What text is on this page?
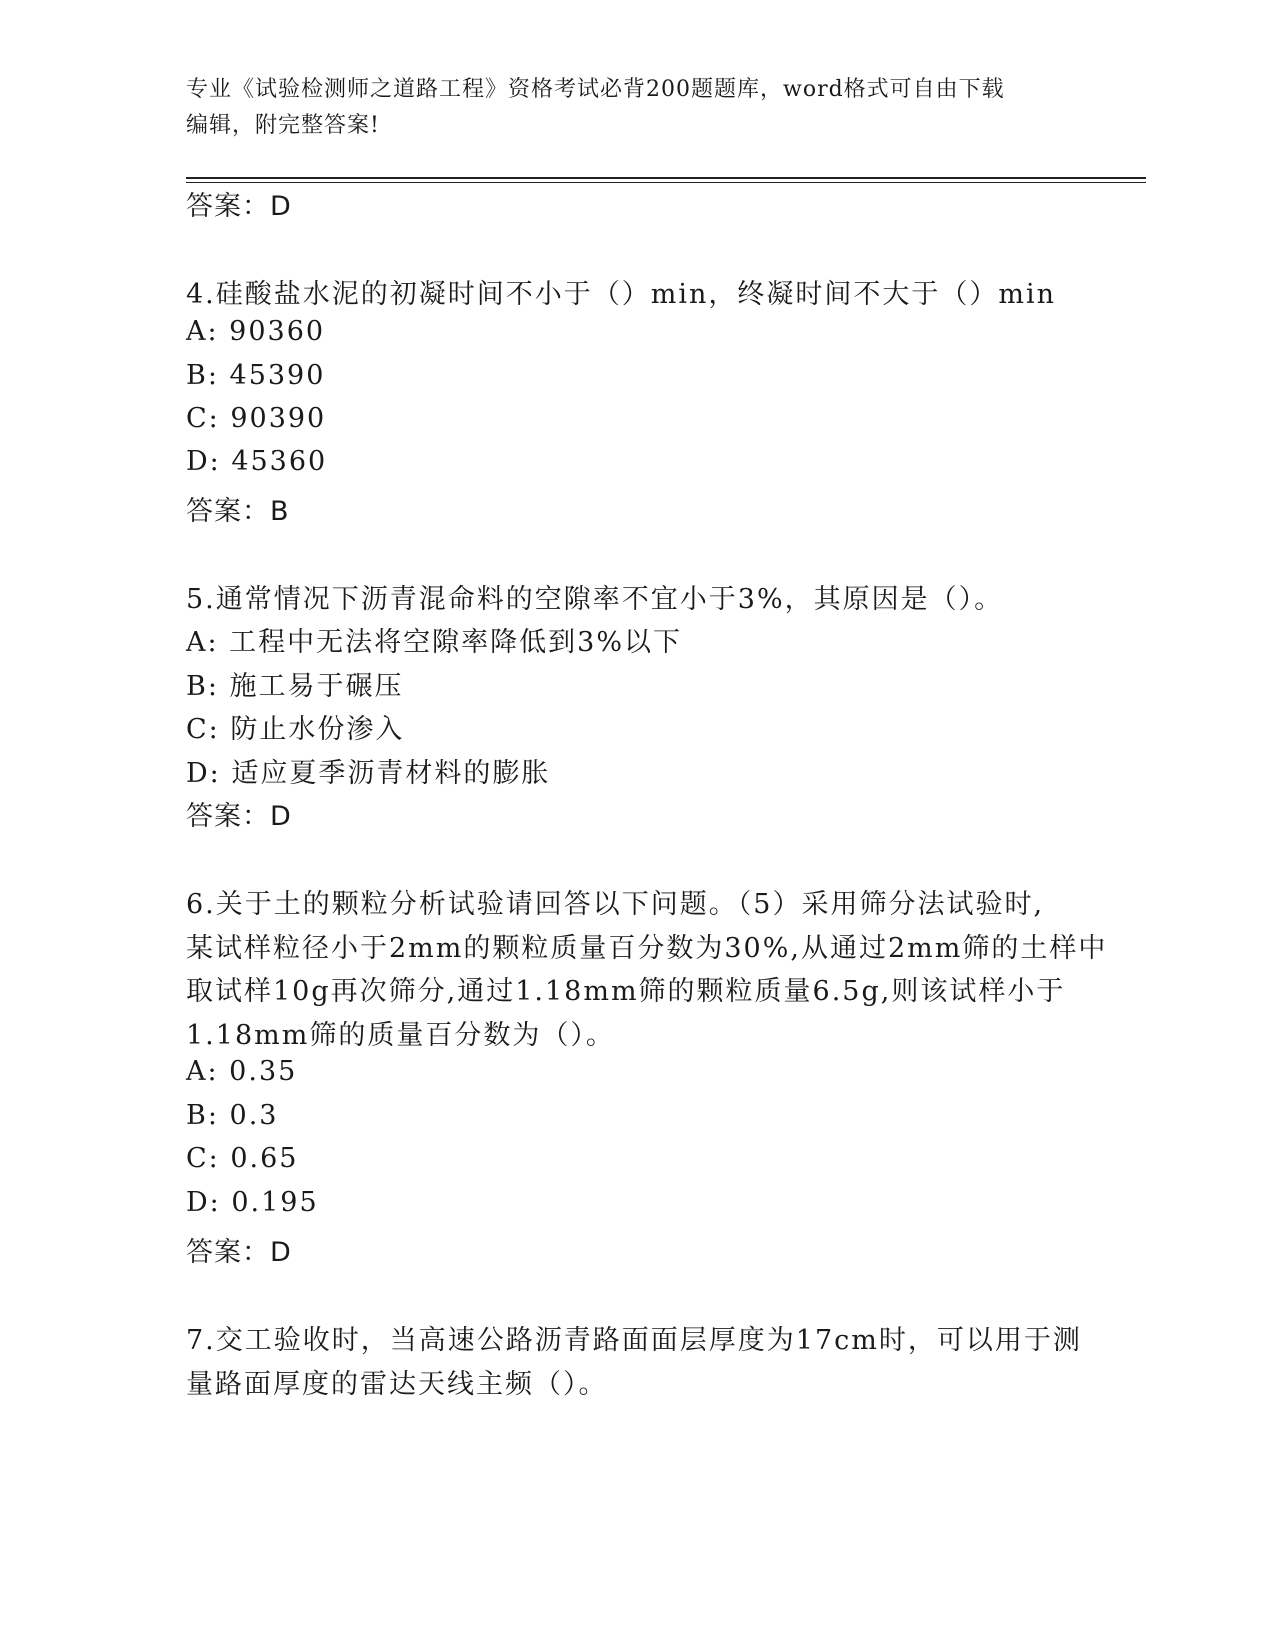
专业《试验检测师之道路工程》资格考试必背200题题库，word格式可自由下载
编辑，附完整答案!
答案：D
4.硅酸盐水泥的初凝时间不小于（）min，终凝时间不大于（）min
A: 90360
B: 45390
C: 90390
D: 45360
答案：B
5.通常情况下沥青混命料的空隙率不宜小于3%，其原因是（）。
A: 工程中无法将空隙率降低到3%以下
B: 施工易于碾压
C: 防止水份渗入
D: 适应夏季沥青材料的膨胀
答案：D
6.关于土的颗粒分析试验请回答以下问题。（5）采用筛分法试验时,
某试样粒径小于2mm的颗粒质量百分数为30%,从通过2mm筛的土样中
取试样10g再次筛分,通过1.18mm筛的颗粒质量6.5g,则该试样小于
1.18mm筛的质量百分数为（）。
A: 0.35
B: 0.3
C: 0.65
D: 0.195
答案：D
7.交工验收时，当高速公路沥青路面面层厚度为17cm时，可以用于测
量路面厚度的雷达天线主频（）。
